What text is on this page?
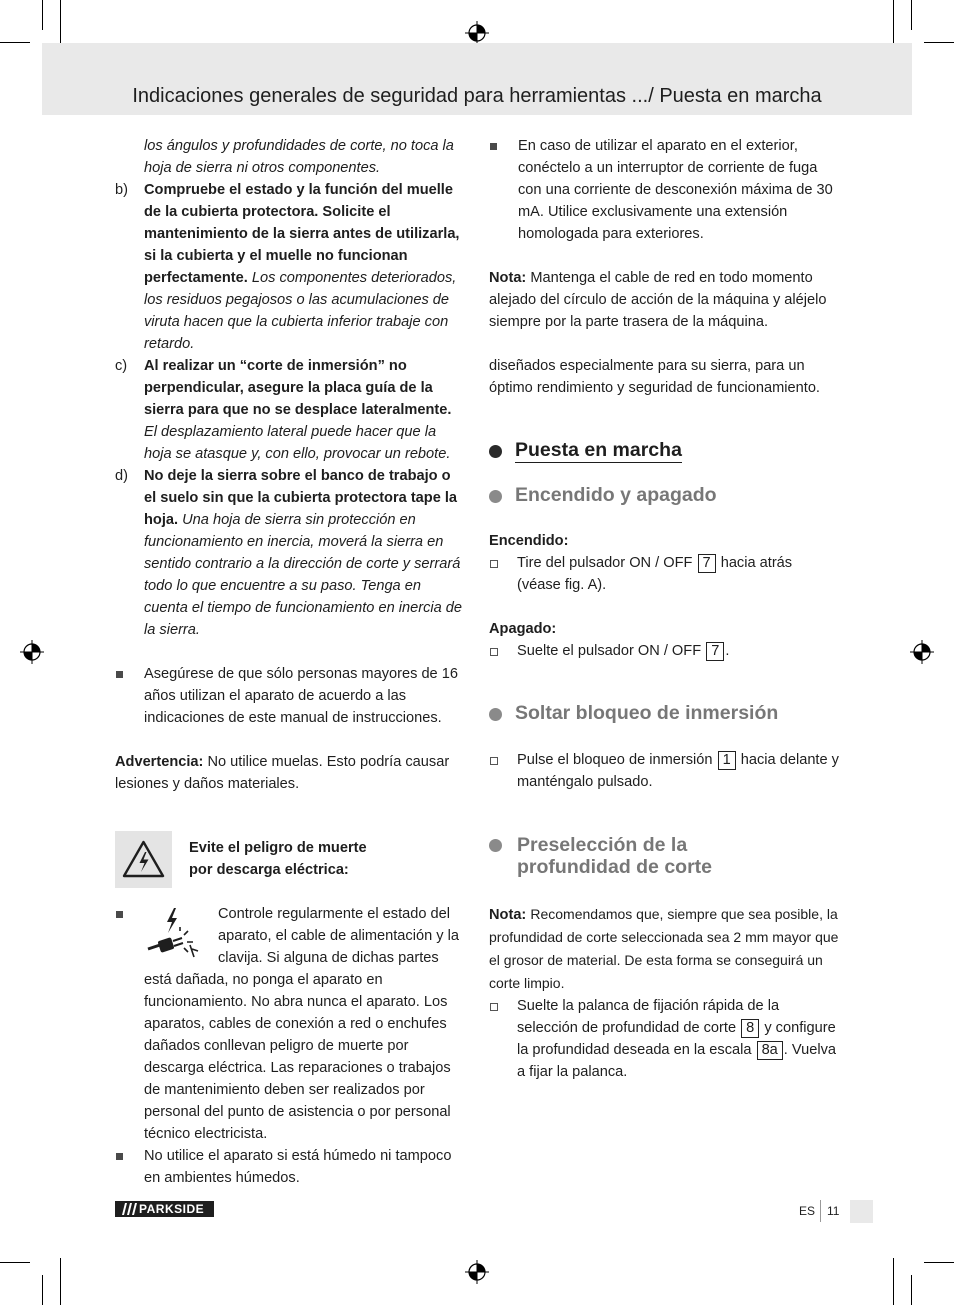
Indicaciones generales de seguridad para herramientas .../ Puesta en marcha

los ángulos y profundidades de corte, no toca la hoja de sierra ni otros componentes.

b) Compruebe el estado y la función del muelle de la cubierta protectora. Solicite el mantenimiento de la sierra antes de utilizarla, si la cubierta y el muelle no funcionan perfectamente. Los componentes deteriorados, los residuos pegajosos o las acumulaciones de viruta hacen que la cubierta inferior trabaje con retardo.
c) Al realizar un “corte de inmersión” no perpendicular, asegure la placa guía de la sierra para que no se desplace lateralmente. El desplazamiento lateral puede hacer que la hoja se atasque y, con ello, provocar un rebote.
d) No deje la sierra sobre el banco de trabajo o el suelo sin que la cubierta protectora tape la hoja. Una hoja de sierra sin protección en funcionamiento en inercia, moverá la sierra en sentido contrario a la dirección de corte y serrará todo lo que encuentre a su paso. Tenga en cuenta el tiempo de funcionamiento en inercia de la sierra.

Asegúrese de que sólo personas mayores de 16 años utilizan el aparato de acuerdo a las indicaciones de este manual de instrucciones.

Advertencia: No utilice muelas. Esto podría causar lesiones y daños materiales.

Evite el peligro de muerte
por descarga eléctrica:
Controle regularmente el estado del aparato, el cable de alimentación y la clavija. Si alguna de dichas partes está dañada, no ponga el aparato en funcionamiento. No abra nunca el aparato. Los aparatos, cables de conexión a red o enchufes dañados conllevan peligro de muerte por descarga eléctrica. Las reparaciones o trabajos de mantenimiento deben ser realizados por personal del punto de asistencia o por personal técnico electricista.

No utilice el aparato si está húmedo ni tampoco en ambientes húmedos.

En caso de utilizar el aparato en el exterior, conéctelo a un interruptor de corriente de fuga con una corriente de desconexión máxima de 30 mA. Utilice exclusivamente una extensión homologada para exteriores.

Nota: Mantenga el cable de red en todo momento alejado del círculo de acción de la máquina y aléjelo siempre por la parte trasera de la máquina.

diseñados especialmente para su sierra, para un óptimo rendimiento y seguridad de funcionamiento.

Puesta en marcha
Encendido y apagado

Encendido:

Tire del pulsador ON / OFF 7 hacia atrás (véase fig. A).

Apagado:

Suelte el pulsador ON / OFF 7 .

Soltar bloqueo de inmersión

Pulse el bloqueo de inmersión 1 hacia delante y manténgalo pulsado.

Preselección de la
profundidad de corte

Nota: Recomendamos que, siempre que sea posible, la profundidad de corte seleccionada sea 2 mm mayor que el grosor de material. De esta forma se conseguirá un corte limpio.

Suelte la palanca de fijación rápida de la selección de profundidad de corte 8 y configure la profundidad deseada en la escala 8a . Vuelva a fijar la palanca.

PARKSIDE	ES 11
